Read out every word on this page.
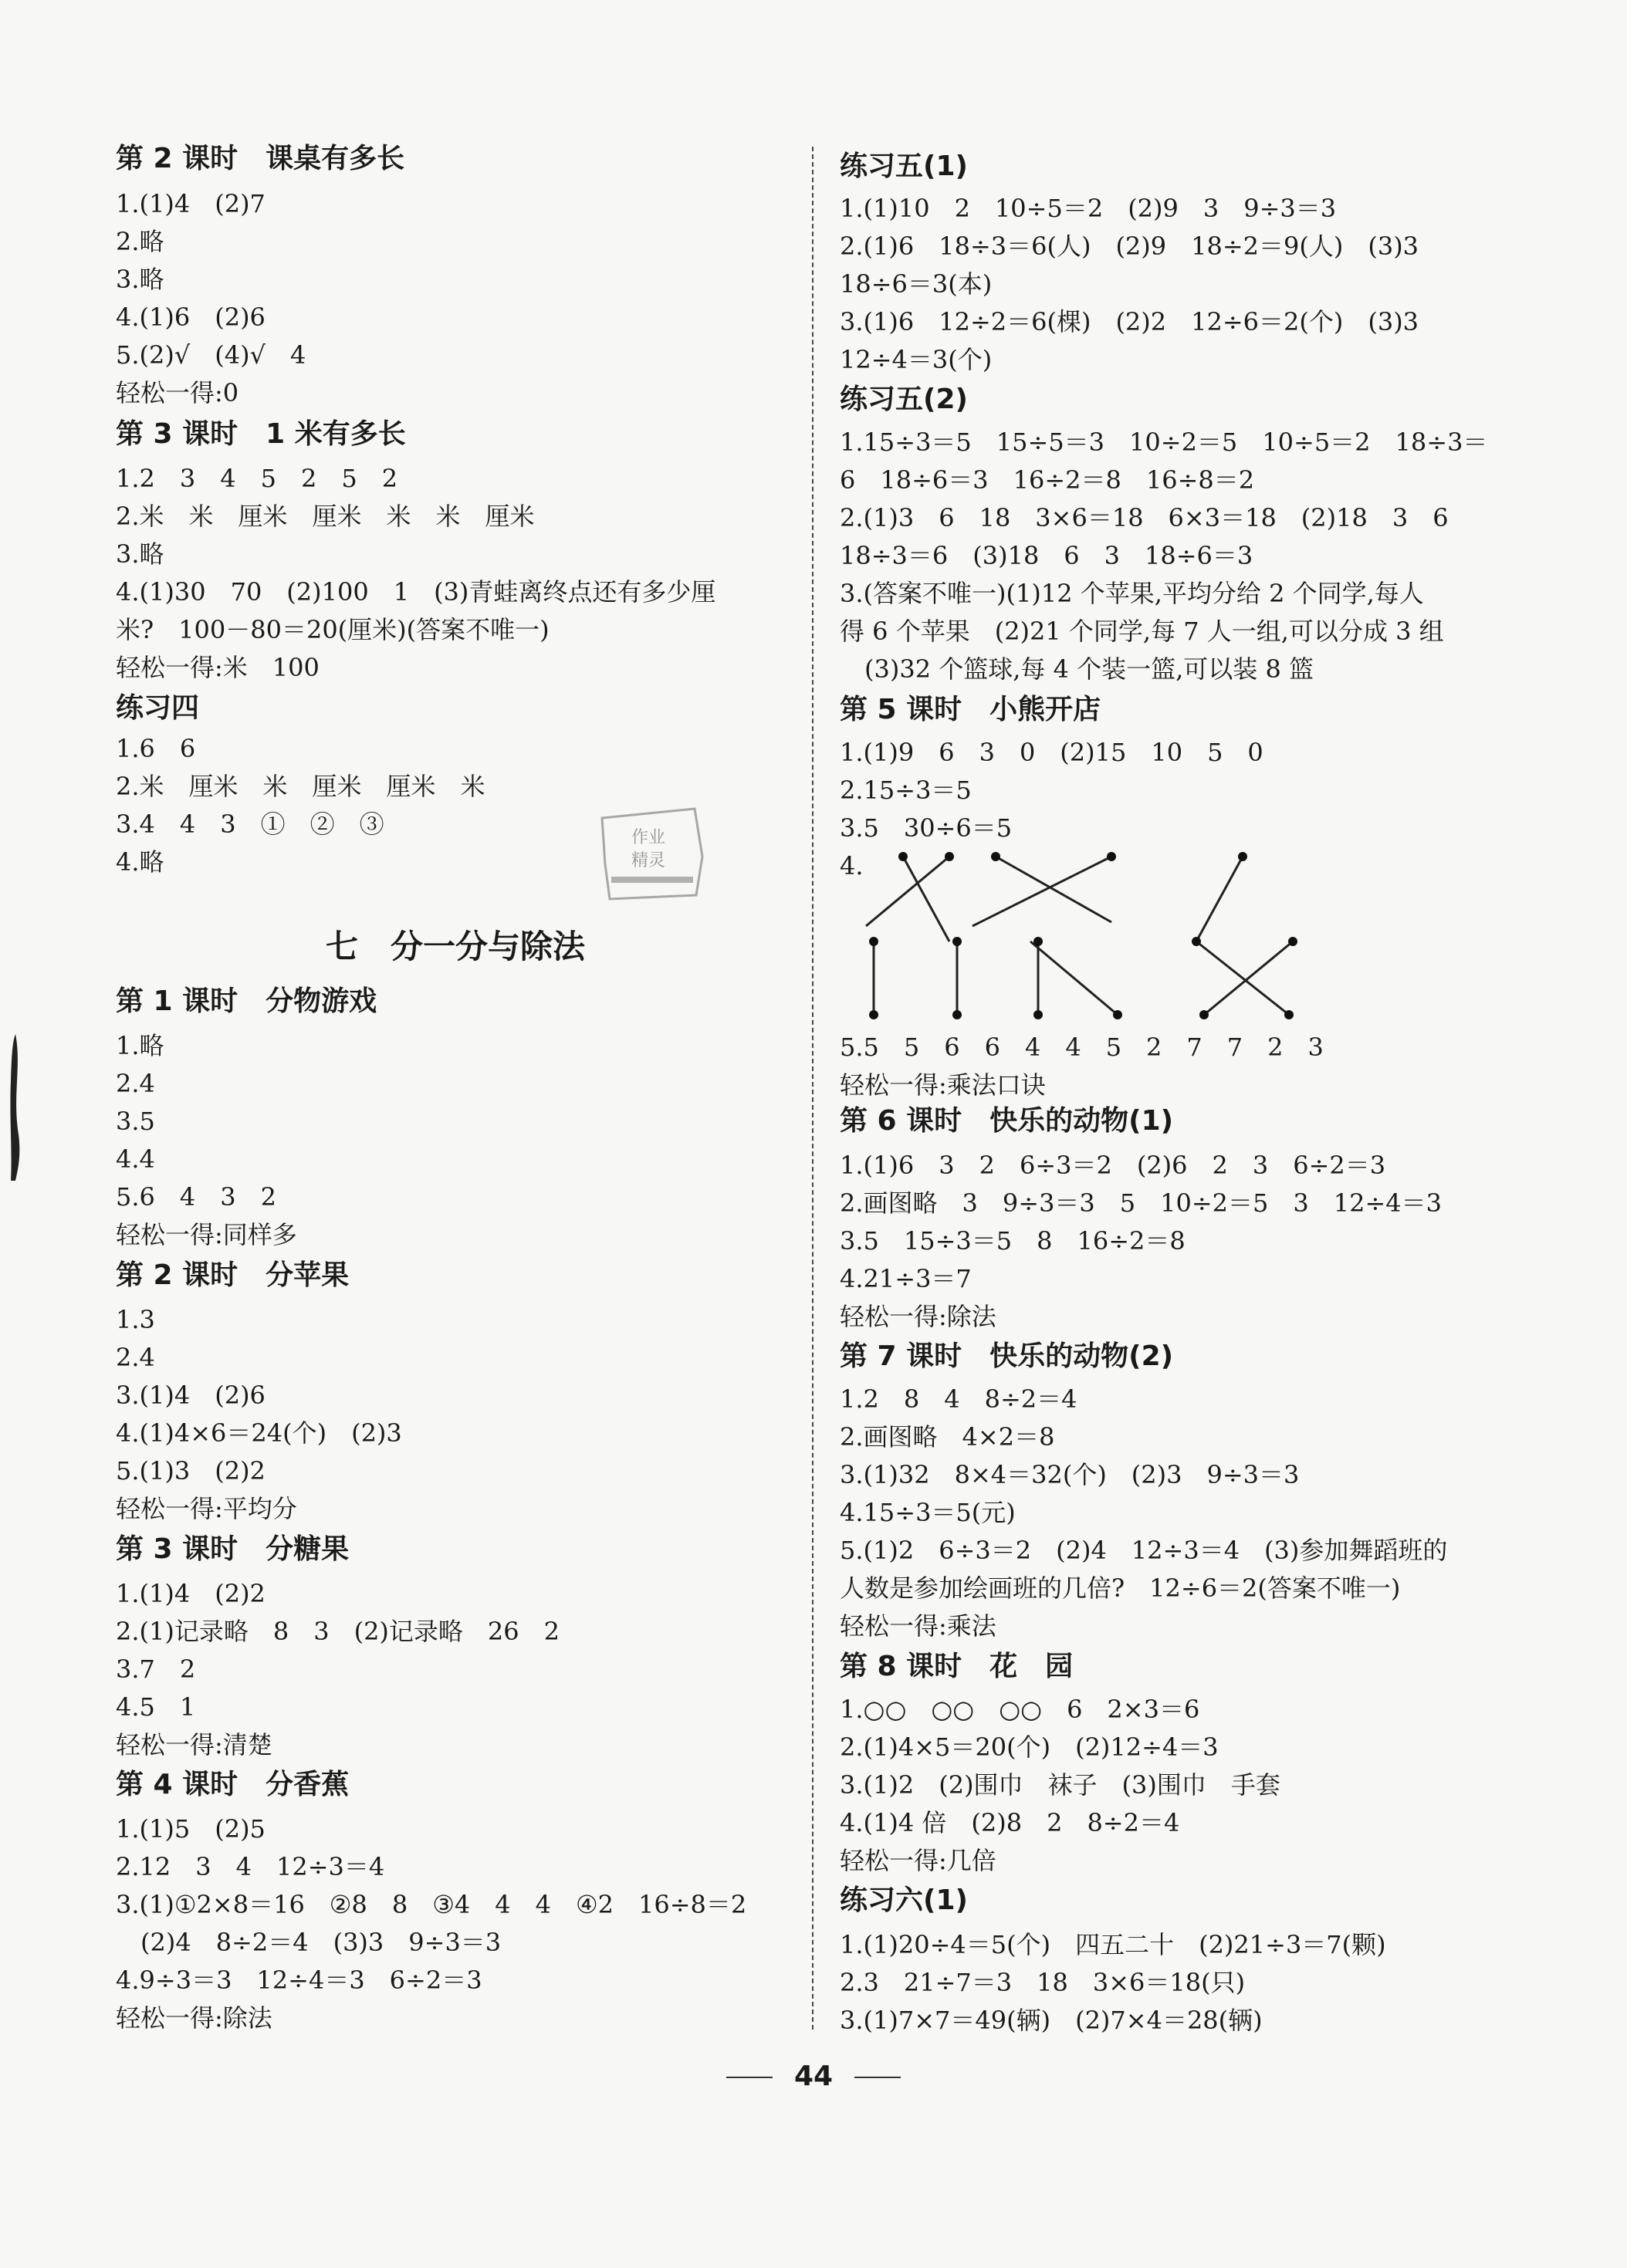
第 2 课时　课桌有多长
1.(1)4　(2)7
2.略
3.略
4.(1)6　(2)6
5.(2)√　(4)√　4
轻松一得:0
第 3 课时　1 米有多长
1.2　3　4　5　2　5　2
2.米　米　厘米　厘米　米　米　厘米
3.略
4.(1)30　70　(2)100　1　(3)青蛙离终点还有多少厘
米?　100－80＝20(厘米)(答案不唯一)
轻松一得:米　100
练习四
1.6　6
2.米　厘米　米　厘米　厘米　米
3.4　4　3　①　②　③
4.略
七　分一分与除法
第 1 课时　分物游戏
1.略
2.4
3.5
4.4
5.6　4　3　2
轻松一得:同样多
第 2 课时　分苹果
1.3
2.4
3.(1)4　(2)6
4.(1)4×6＝24(个)　(2)3
5.(1)3　(2)2
轻松一得:平均分
第 3 课时　分糖果
1.(1)4　(2)2
2.(1)记录略　8　3　(2)记录略　26　2
3.7　2
4.5　1
轻松一得:清楚
第 4 课时　分香蕉
1.(1)5　(2)5
2.12　3　4　12÷3＝4
3.(1)①2×8＝16　②8　8　③4　4　4　④2　16÷8＝2
　(2)4　8÷2＝4　(3)3　9÷3＝3
4.9÷3＝3　12÷4＝3　6÷2＝3
轻松一得:除法
作业
精灵
练习五(1)
1.(1)10　2　10÷5＝2　(2)9　3　9÷3＝3
2.(1)6　18÷3＝6(人)　(2)9　18÷2＝9(人)　(3)3
18÷6＝3(本)
3.(1)6　12÷2＝6(棵)　(2)2　12÷6＝2(个)　(3)3
12÷4＝3(个)
练习五(2)
1.15÷3＝5　15÷5＝3　10÷2＝5　10÷5＝2　18÷3＝
6　18÷6＝3　16÷2＝8　16÷8＝2
2.(1)3　6　18　3×6＝18　6×3＝18　(2)18　3　6
18÷3＝6　(3)18　6　3　18÷6＝3
3.(答案不唯一)(1)12 个苹果,平均分给 2 个同学,每人
得 6 个苹果　(2)21 个同学,每 7 人一组,可以分成 3 组
　(3)32 个篮球,每 4 个装一篮,可以装 8 篮
第 5 课时　小熊开店
1.(1)9　6　3　0　(2)15　10　5　0
2.15÷3＝5
3.5　30÷6＝5
4.
5.5　5　6　6　4　4　5　2　7　7　2　3
轻松一得:乘法口诀
第 6 课时　快乐的动物(1)
1.(1)6　3　2　6÷3＝2　(2)6　2　3　6÷2＝3
2.画图略　3　9÷3＝3　5　10÷2＝5　3　12÷4＝3
3.5　15÷3＝5　8　16÷2＝8
4.21÷3＝7
轻松一得:除法
第 7 课时　快乐的动物(2)
1.2　8　4　8÷2＝4
2.画图略　4×2＝8
3.(1)32　8×4＝32(个)　(2)3　9÷3＝3
4.15÷3＝5(元)
5.(1)2　6÷3＝2　(2)4　12÷3＝4　(3)参加舞蹈班的
人数是参加绘画班的几倍?　12÷6＝2(答案不唯一)
轻松一得:乘法
第 8 课时　花　园
1.○○　○○　○○　6　2×3＝6
2.(1)4×5＝20(个)　(2)12÷4＝3
3.(1)2　(2)围巾　袜子　(3)围巾　手套
4.(1)4 倍　(2)8　2　8÷2＝4
轻松一得:几倍
练习六(1)
1.(1)20÷4＝5(个)　四五二十　(2)21÷3＝7(颗)
2.3　21÷7＝3　18　3×6＝18(只)
3.(1)7×7＝49(辆)　(2)7×4＝28(辆)
44
